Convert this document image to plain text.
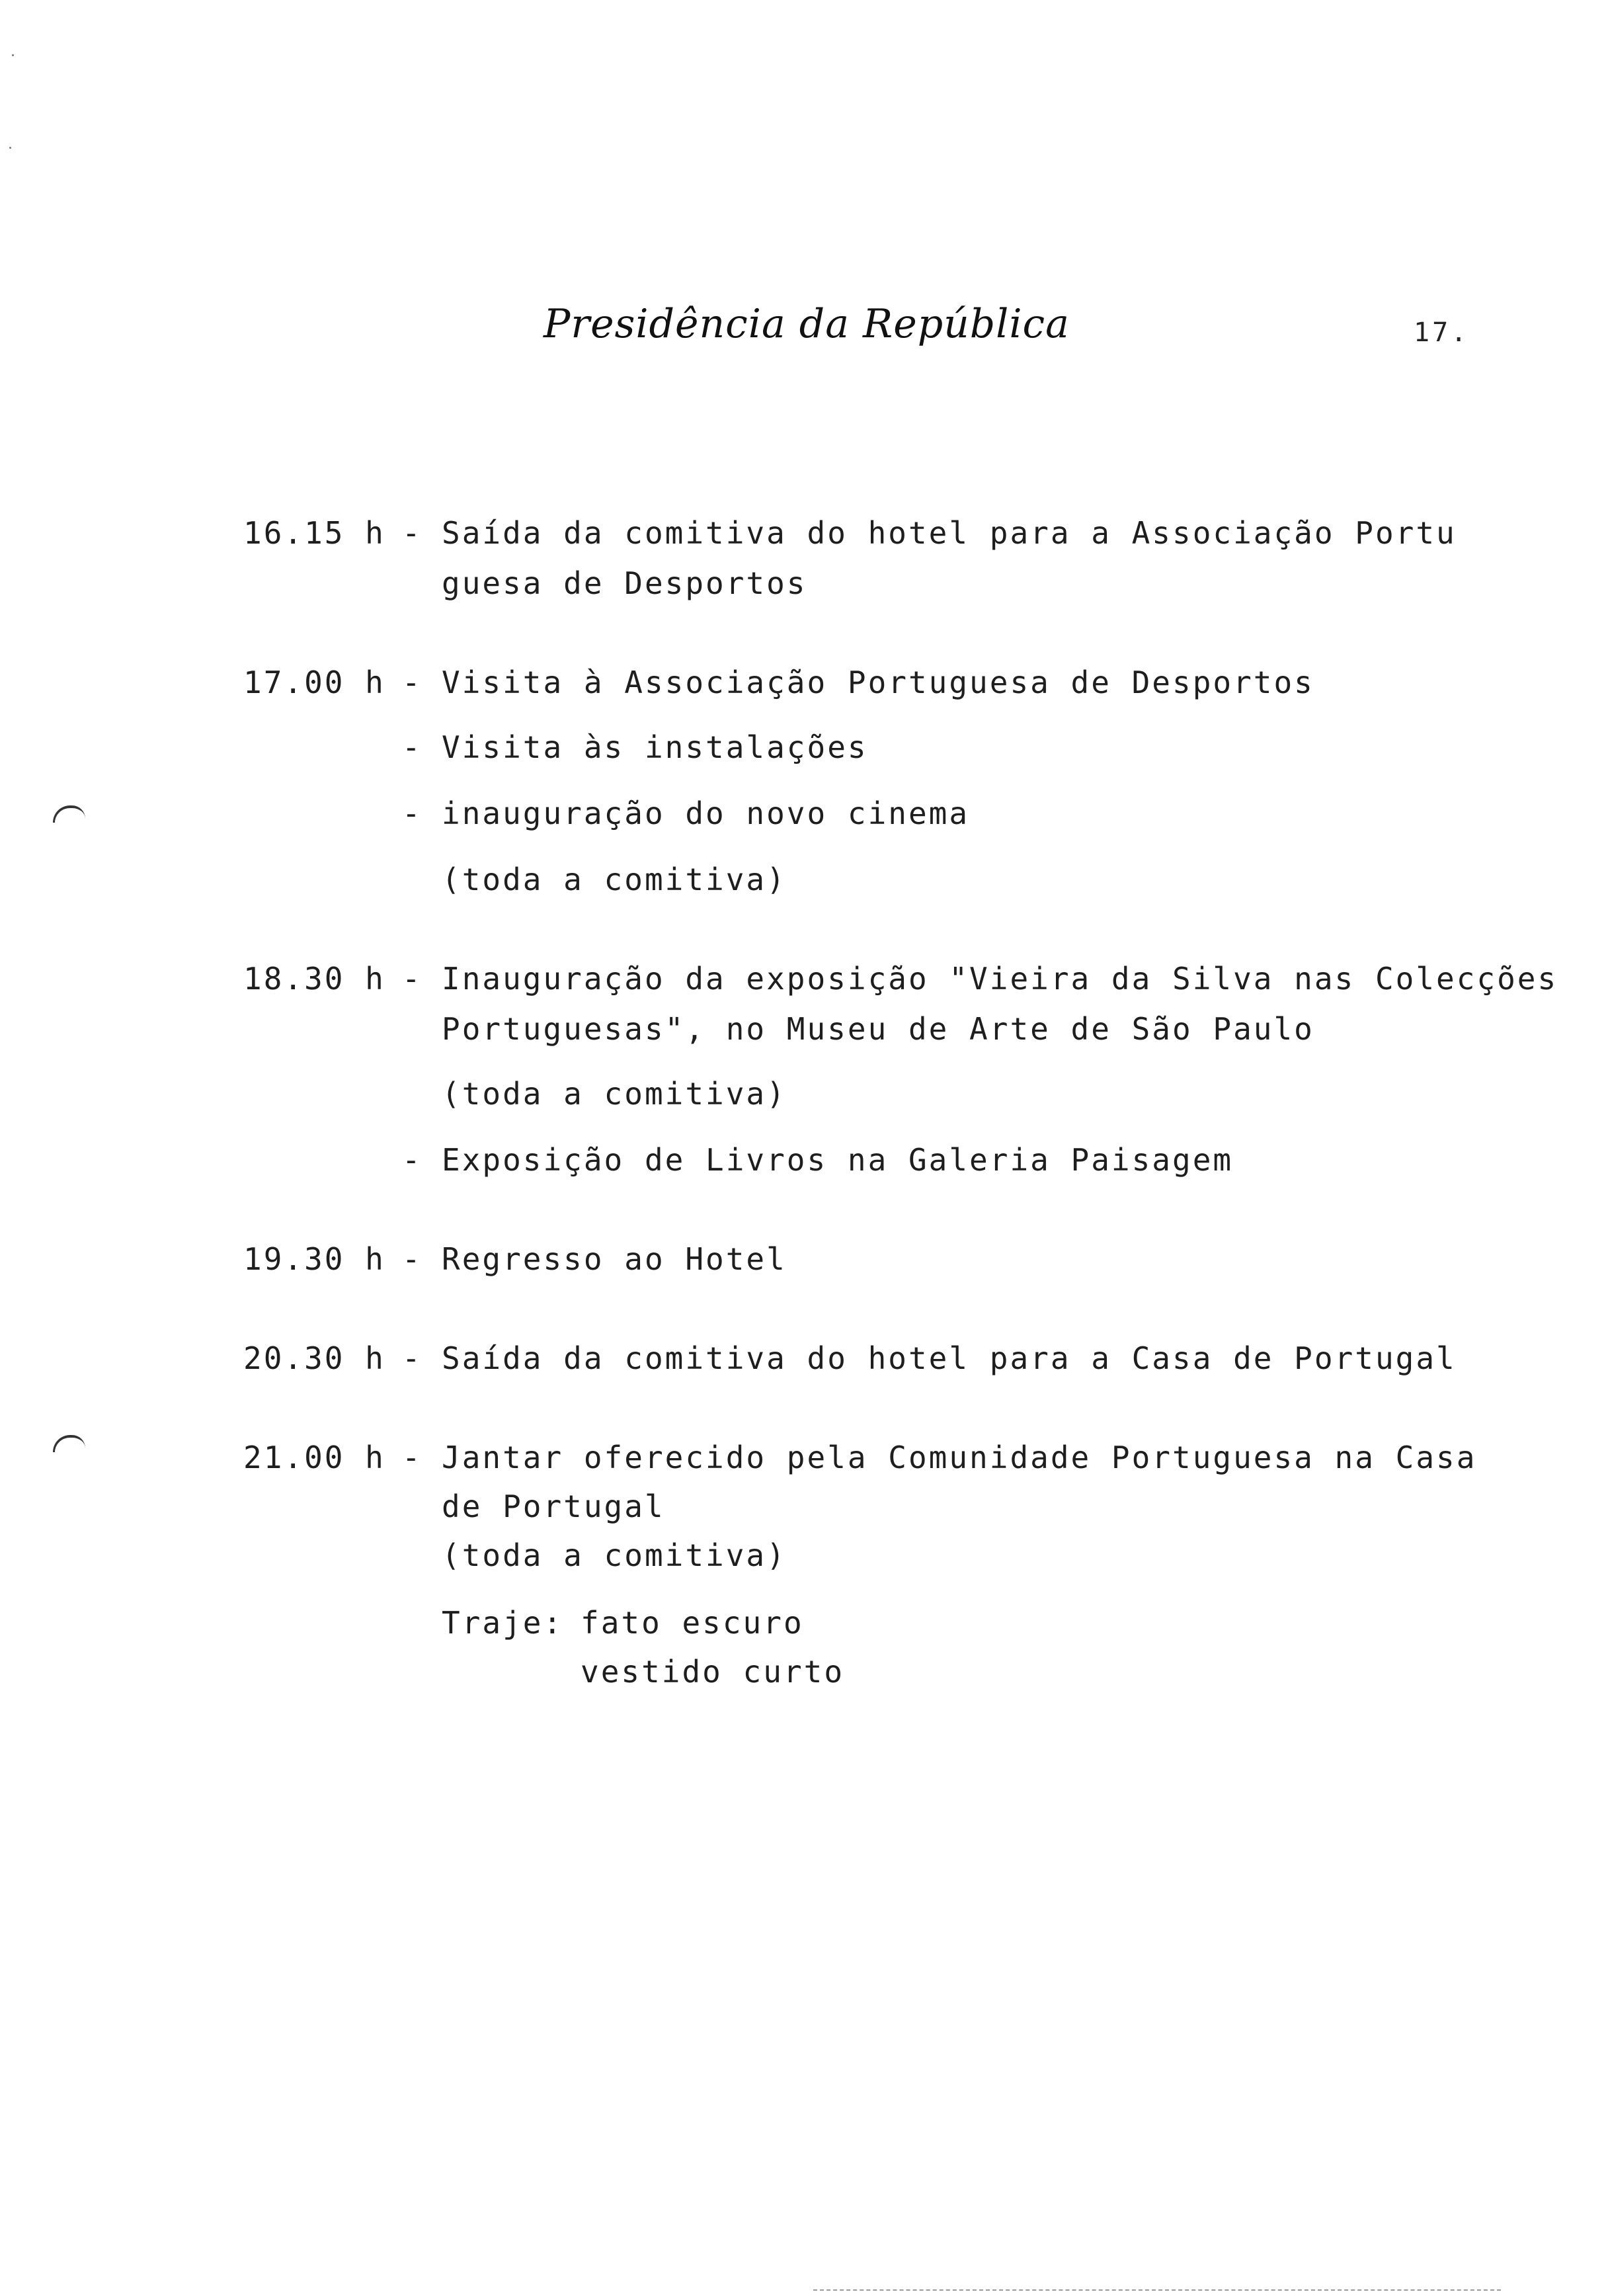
Presidência da República	17.
16.15 h - Saída da comitiva do hotel para a Associação Portu
guesa de Desportos
17.00 h - Visita à Associação Portuguesa de Desportos
- Visita às instalações
- inauguração do novo cinema
(toda a comitiva)
18.30 h - Inauguração da exposição "Vieira da Silva nas Colecções
Portuguesas", no Museu de Arte de São Paulo
(toda a comitiva)
- Exposição de Livros na Galeria Paisagem
19.30 h - Regresso ao Hotel
20.30 h - Saída da comitiva do hotel para a Casa de Portugal
21.00 h - Jantar oferecido pela Comunidade Portuguesa na Casa
de Portugal
(toda a comitiva)
Traje: fato escuro
vestido curto
